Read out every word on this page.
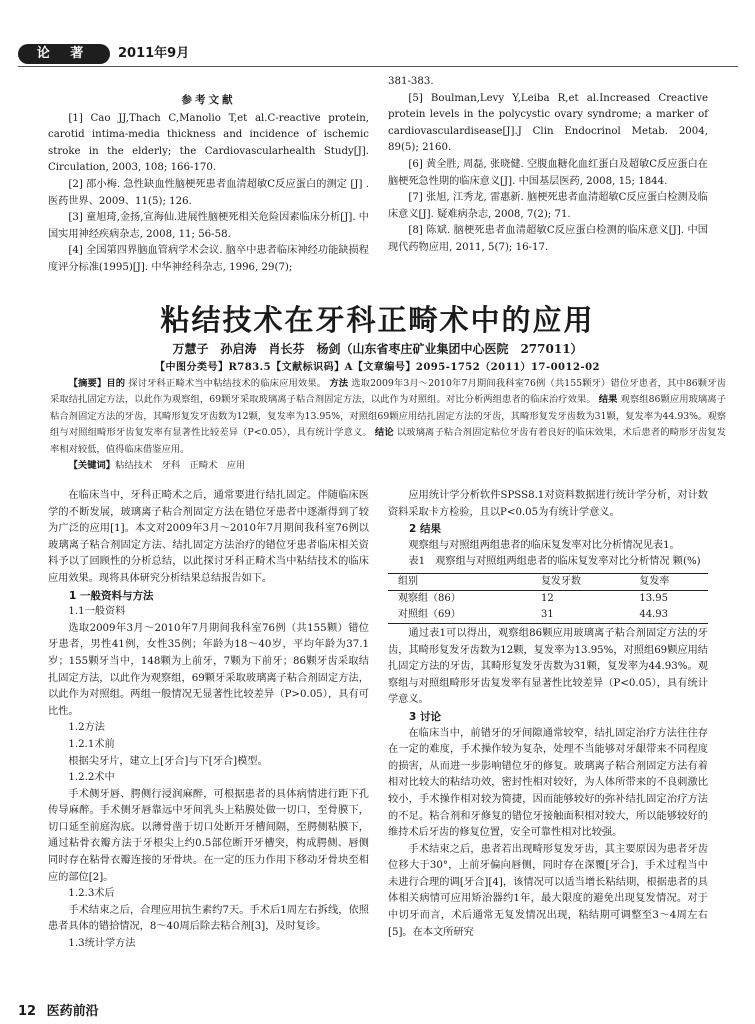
论 著	2011年9月

参考文献

[1] Cao JJ,Thach C,Manolio T,et al.C-reactive protein, carotid intima-media thickness and incidence of ischemic stroke in the elderly; the Cardiovascularhealth Study[J]. Circulation, 2003, 108; 166-170.

[2] 邵小梅. 急性缺血性脑梗死患者血清超敏C反应蛋白的测定 [J] .医药世界、2009、11(5); 126.

[3] 童旭琦,金扬,宣海仙.进展性脑梗死相关危险因素临床分析[J]. 中国实用神经疾病杂志, 2008, 11; 56-58.

[4] 全国第四界脑血管病学术会议. 脑卒中患者临床神经功能缺损程度评分标准(1995)[J]. 中华神经科杂志, 1996, 29(7);

381-383.

[5] Boulman,Levy Y,Leiba R,et al.Increased Creactive protein levels in the polycystic ovary syndrome; a marker of cardiovasculardisease[J].J Clin Endocrinol Metab. 2004, 89(5); 2160.

[6] 黄全胜, 周磊, 张晓健. 空腹血糖化血红蛋白及超敏C反应蛋白在脑梗死急性期的临床意义[J]. 中国基层医药, 2008, 15; 1844.

[7] 张旭, 江秀龙, 雷惠新. 脑梗死患者血清超敏C反应蛋白检测及临床意义[J]. 疑难病杂志, 2008, 7(2); 71.

[8] 陈斌. 脑梗死患者血清超敏C反应蛋白检测的临床意义[J]. 中国现代药物应用, 2011, 5(7); 16-17.

粘结技术在牙科正畸术中的应用
万慧子　孙启涛　肖长芬　杨剑（山东省枣庄矿业集团中心医院　277011）
【中图分类号】R783.5【文献标识码】A【文章编号】2095-1752（2011）17-0012-02

【摘要】目的 探讨牙科正畸术当中粘结技术的临床应用效果。 方法 选取2009年3月～2010年7月期间我科室76例（共155颗牙）错位牙患者，其中86颗牙齿采取结扎固定方法，以此作为观察组，69颗牙采取玻璃离子粘合剂固定方法，以此作为对照组。对比分析两组患者的临床治疗效果。 结果 观察组86颗应用玻璃离子粘合剂固定方法的牙齿，其畸形复发牙齿数为12颗，复发率为13.95%，对照组69颗应用结扎固定方法的牙齿，其畸形复发牙齿数为31颗，复发率为44.93%。观察组与对照组畸形牙齿复发率有显著性比较差异（P<0.05），具有统计学意义。 结论 以玻璃离子粘合剂固定粘位牙齿有着良好的临床效果，术后患者的畸形牙齿复发率相对较低，值得临床借鉴应用。

【关键词】粘结技术　牙科　正畸术　应用

在临床当中，牙科正畸术之后，通常要进行结扎固定。伴随临床医学的不断发展，玻璃离子粘合剂固定方法在错位牙患者中逐渐得到了较为广泛的应用[1]。本文对2009年3月～2010年7月期间我科室76例以玻璃离子粘合剂固定方法、结扎固定方法治疗的错位牙患者临床相关资料予以了回顾性的分析总结，以此探讨牙科正畸术当中粘结技术的临床应用效果。现将具体研究分析结果总结报告如下。

1 一般资料与方法

1.1一般资料

选取2009年3月～2010年7月期间我科室76例（共155颗）错位牙患者，男性41例，女性35例；年龄为18～40岁，平均年龄为37.1岁；155颗牙当中，148颗为上前牙，7颗为下前牙；86颗牙齿采取结扎固定方法，以此作为观察组，69颗牙采取玻璃离子粘合剂固定方法，以此作为对照组。两组一般情况无显著性比较差异（P>0.05），具有可比性。

1.2方法

1.2.1术前

根据尖牙片，建立上[牙合]与下[牙合]模型。

1.2.2术中

手术侧牙唇、腭侧行浸润麻醉，可根据患者的具体病情进行距下孔传导麻醉。手术侧牙唇靠远中牙间乳头上粘膜处做一切口，至骨膜下，切口延至前庭沟底。以薄骨凿于切口处断开牙槽间隔，至腭侧粘膜下，通过粘骨衣瓣方法于牙根尖上约0.5部位断开牙槽突，构成腭侧、唇侧同时存在粘骨衣瓣连接的牙骨块。在一定的压力作用下移动牙骨块至相应的部位[2]。

1.2.3术后

手术结束之后，合理应用抗生素约7天。手术后1周左右拆线，依照患者具体的错拾情况，8～40周后除去粘合剂[3]，及时复诊。

1.3统计学方法

应用统计学分析软件SPSS8.1对资料数据进行统计学分析，对计数资料采取卡方检验，且以P<0.05为有统计学意义。

2 结果

观察组与对照组两组患者的临床复发率对比分析情况见表1。

表1　观察组与对照组两组患者的临床复发率对比分析情况 颗(%)

组别	复发牙数	复发率
观察组（86）	12	13.95
对照组（69）	31	44.93

通过表1可以得出，观察组86颗应用玻璃离子粘合剂固定方法的牙齿，其畸形复发牙齿数为12颗，复发率为13.95%，对照组69颗应用结扎固定方法的牙齿，其畸形复发牙齿数为31颗，复发率为44.93%。观察组与对照组畸形牙齿复发率有显著性比较差异（P<0.05），具有统计学意义。

3 讨论

在临床当中，前错牙的牙间隙通常较窄，结扎固定治疗方法往往存在一定的难度，手术操作较为复杂，处理不当能够对牙龈带来不同程度的损害，从而进一步影响错位牙的修复。玻璃离子粘合剂固定方法有着相对比较大的粘结功效，密封性相对较好，为人体所带来的不良刺激比较小，手术操作相对较为简捷，因而能够较好的弥补结扎固定治疗方法的不足。粘合剂和牙修复的错位牙接触面积相对较大，所以能够较好的维持术后牙齿的修复位置，安全可靠性相对比较强。

手术结束之后，患者若出现畸形复发牙齿，其主要原因为患者牙齿位移大于30°，上前牙偏向唇侧，同时存在深覆[牙合]，手术过程当中未进行合理的调[牙合][4]，该情况可以适当增长粘结期，根据患者的具体相关病情可应用矫治器约1年，最大限度的避免出现复发情况。对于中切牙而言，术后通常无复发情况出现，粘结期可调整至3～4周左右[5]。在本文所研究

12 医药前沿
